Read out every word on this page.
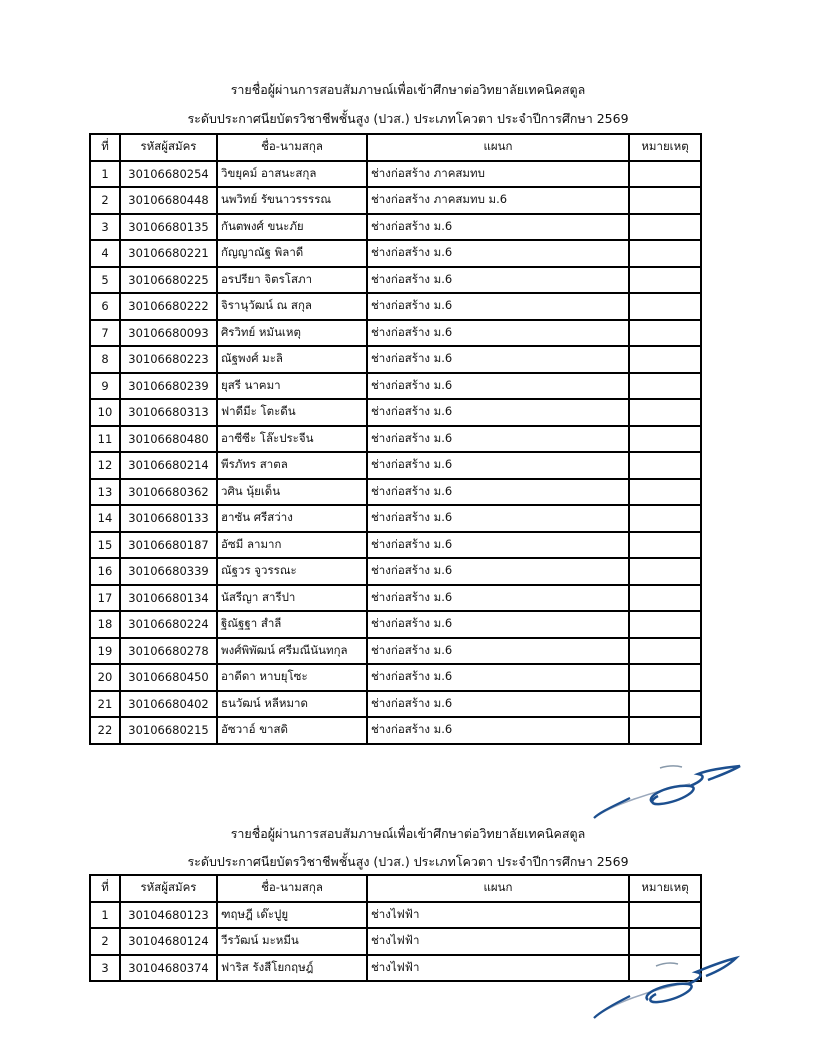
รายชื่อผู้ผ่านการสอบสัมภาษณ์เพื่อเข้าศึกษาต่อวิทยาลัยเทคนิคสตูล
ระดับประกาศนียบัตรวิชาชีพชั้นสูง (ปวส.) ประเภทโควตา ประจำปีการศึกษา 2569
ที่	รหัสผู้สมัคร	ชื่อ-นามสกุล	แผนก	หมายเหตุ
1	30106680254	วิขยุคม์ อาสนะสกุล	ช่างก่อสร้าง ภาคสมทบ	
2	30106680448	นพวิทย์ รัขนาวรรรรณ	ช่างก่อสร้าง ภาคสมทบ ม.6	
3	30106680135	กันตพงศ์ ขนะภัย	ช่างก่อสร้าง ม.6	
4	30106680221	กัญญาณัฐ พิลาดี	ช่างก่อสร้าง ม.6	
5	30106680225	อรปรียา จิตรโสภา	ช่างก่อสร้าง ม.6	
6	30106680222	จิรานุวัฒน์ ณ สกุล	ช่างก่อสร้าง ม.6	
7	30106680093	ศิรวิทย์ หมันเหตุ	ช่างก่อสร้าง ม.6	
8	30106680223	ณัฐพงศ์ มะลิ	ช่างก่อสร้าง ม.6	
9	30106680239	ยุสรี นาฅมา	ช่างก่อสร้าง ม.6	
10	30106680313	ฟาดีมีะ โตะดีน	ช่างก่อสร้าง ม.6	
11	30106680480	อาซีซีะ โล๊ะประจีน	ช่างก่อสร้าง ม.6	
12	30106680214	พีรภัทร สาตล	ช่างก่อสร้าง ม.6	
13	30106680362	วศิน นุ้ยเด็น	ช่างก่อสร้าง ม.6	
14	30106680133	ฮาซัน ศรีสว่าง	ช่างก่อสร้าง ม.6	
15	30106680187	อัซมี ลามาก	ช่างก่อสร้าง ม.6	
16	30106680339	ณัฐวร จูวรรณะ	ช่างก่อสร้าง ม.6	
17	30106680134	นัสรีญา สารีปา	ช่างก่อสร้าง ม.6	
18	30106680224	ฐิณัฐฐา สำลี	ช่างก่อสร้าง ม.6	
19	30106680278	พงศ์พิพัฒน์ ศรีมณีนันทกุล	ช่างก่อสร้าง ม.6	
20	30106680450	อาดีดา หาบยุโซะ	ช่างก่อสร้าง ม.6	
21	30106680402	ธนวัฒน์ หลีหมาด	ช่างก่อสร้าง ม.6	
22	30106680215	อัซวาอ์ ขาสดิ	ช่างก่อสร้าง ม.6	
รายชื่อผู้ผ่านการสอบสัมภาษณ์เพื่อเข้าศึกษาต่อวิทยาลัยเทคนิคสตูล
ระดับประกาศนียบัตรวิชาชีพชั้นสูง (ปวส.) ประเภทโควตา ประจำปีการศึกษา 2569
ที่	รหัสผู้สมัคร	ชื่อ-นามสกุล	แผนก	หมายเหตุ
1	30104680123	ฑฤษฎี เด๊ะปูยู	ช่างไฟฟ้า	
2	30104680124	วีรวัฒน์ มะหมีน	ช่างไฟฟ้า	
3	30104680374	ฟาริส รังสีโยกฤษฎ์	ช่างไฟฟ้า	
